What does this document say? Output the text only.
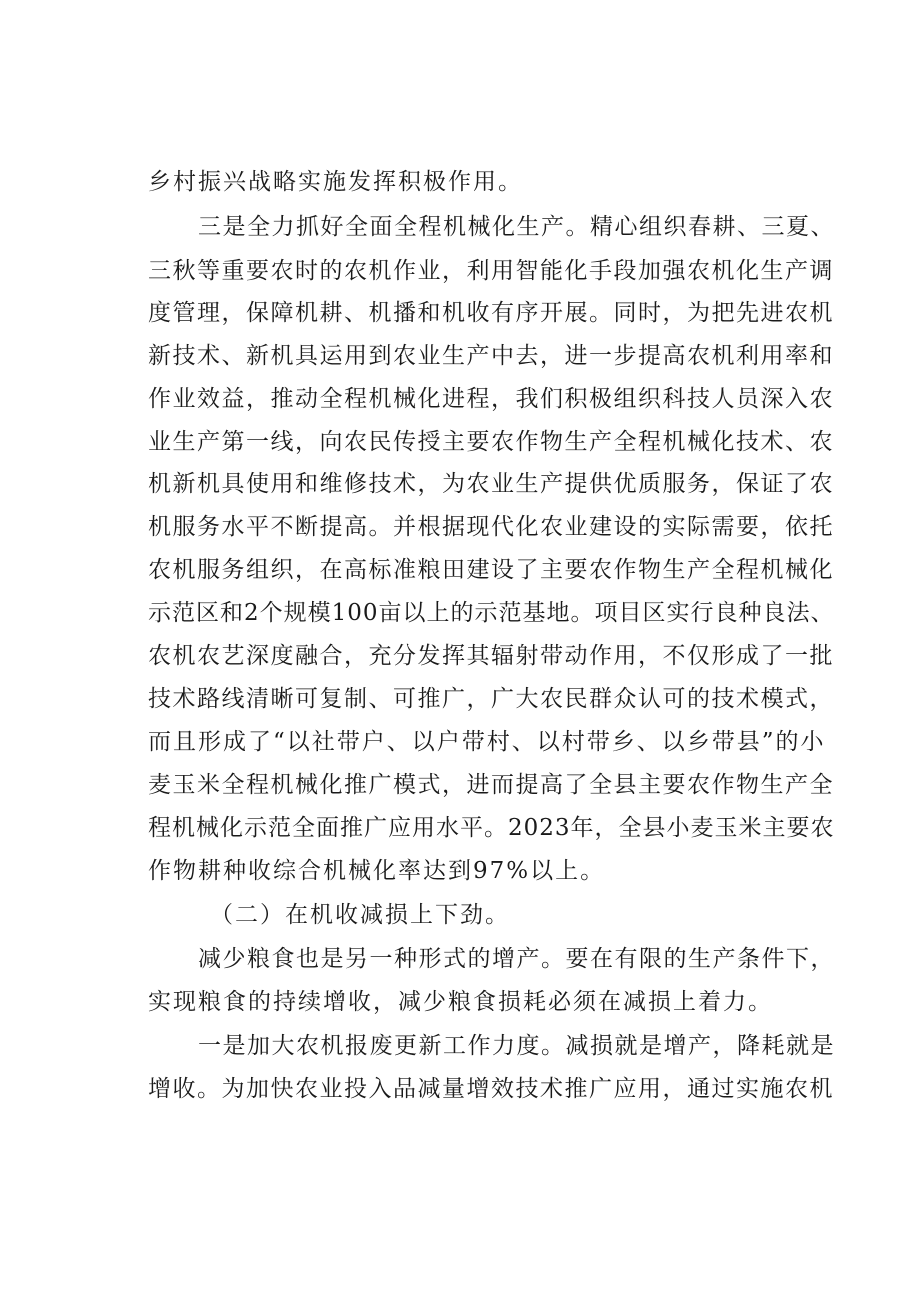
乡村振兴战略实施发挥积极作用。
三是全力抓好全面全程机械化生产。精心组织春耕、三夏、
三秋等重要农时的农机作业，利用智能化手段加强农机化生产调
度管理，保障机耕、机播和机收有序开展。同时，为把先进农机
新技术、新机具运用到农业生产中去，进一步提高农机利用率和
作业效益，推动全程机械化进程，我们积极组织科技人员深入农
业生产第一线，向农民传授主要农作物生产全程机械化技术、农
机新机具使用和维修技术，为农业生产提供优质服务，保证了农
机服务水平不断提高。并根据现代化农业建设的实际需要，依托
农机服务组织，在高标准粮田建设了主要农作物生产全程机械化
示范区和2个规模100亩以上的示范基地。项目区实行良种良法、
农机农艺深度融合，充分发挥其辐射带动作用，不仅形成了一批
技术路线清晰可复制、可推广，广大农民群众认可的技术模式，
而且形成了“以社带户、以户带村、以村带乡、以乡带县”的小
麦玉米全程机械化推广模式，进而提高了全县主要农作物生产全
程机械化示范全面推广应用水平。2023年，全县小麦玉米主要农
作物耕种收综合机械化率达到97%以上。
（二）在机收减损上下劲。
减少粮食也是另一种形式的增产。要在有限的生产条件下，
实现粮食的持续增收，减少粮食损耗必须在减损上着力。
一是加大农机报废更新工作力度。减损就是增产，降耗就是
增收。为加快农业投入品减量增效技术推广应用，通过实施农机
